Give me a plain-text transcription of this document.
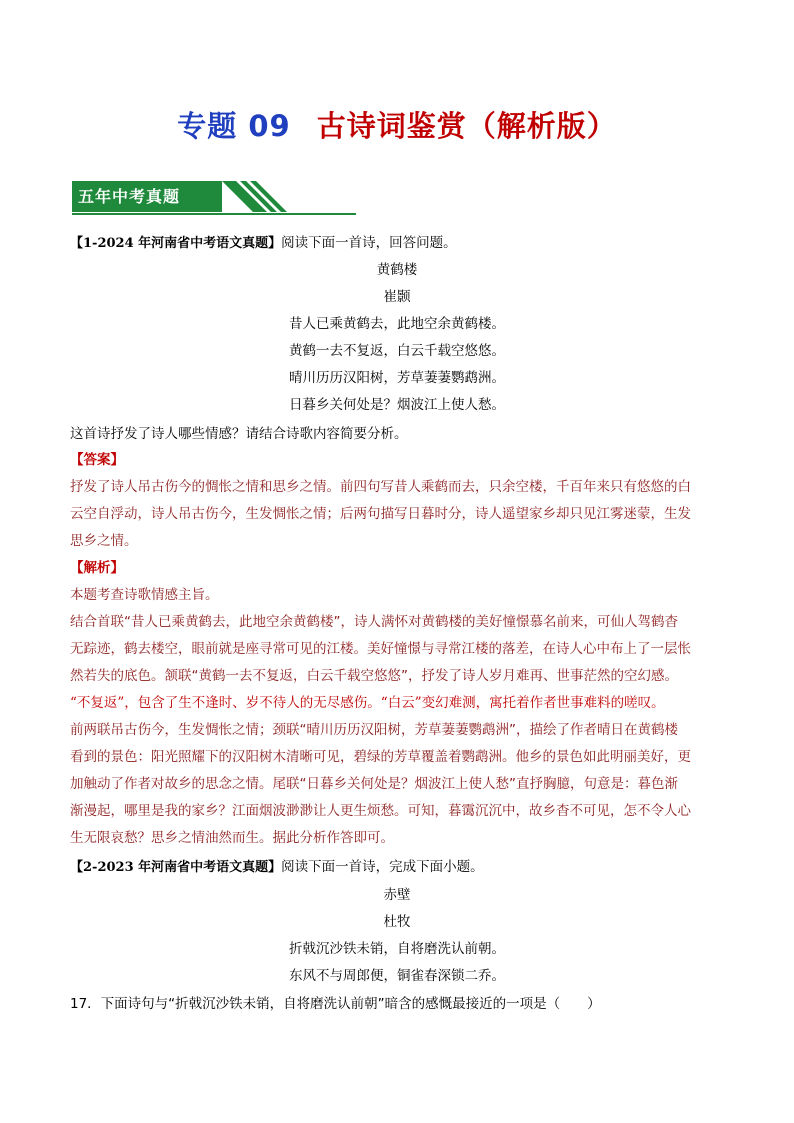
专题 09 古诗词鉴赏（解析版）
五年中考真题
【1-2024 年河南省中考语文真题】阅读下面一首诗，回答问题。
黄鹤楼
崔颢
昔人已乘黄鹤去，此地空余黄鹤楼。
黄鹤一去不复返，白云千载空悠悠。
晴川历历汉阳树，芳草萋萋鹦鹉洲。
日暮乡关何处是？烟波江上使人愁。
这首诗抒发了诗人哪些情感？请结合诗歌内容简要分析。
【答案】
抒发了诗人吊古伤今的惆怅之情和思乡之情。前四句写昔人乘鹤而去，只余空楼，千百年来只有悠悠的白
云空自浮动，诗人吊古伤今，生发惆怅之情；后两句描写日暮时分，诗人遥望家乡却只见江雾迷蒙，生发
思乡之情。
【解析】
本题考查诗歌情感主旨。
结合首联“昔人已乘黄鹤去，此地空余黄鹤楼”，诗人满怀对黄鹤楼的美好憧憬慕名前来，可仙人驾鹤杳
无踪迹，鹤去楼空，眼前就是座寻常可见的江楼。美好憧憬与寻常江楼的落差，在诗人心中布上了一层怅
然若失的底色。颔联“黄鹤一去不复返，白云千载空悠悠”，抒发了诗人岁月难再、世事茫然的空幻感。
“不复返”，包含了生不逢时、岁不待人的无尽感伤。“白云”变幻难测，寓托着作者世事难料的嗟叹。
前两联吊古伤今，生发惆怅之情；颈联“晴川历历汉阳树，芳草萋萋鹦鹉洲”，描绘了作者晴日在黄鹤楼
看到的景色：阳光照耀下的汉阳树木清晰可见，碧绿的芳草覆盖着鹦鹉洲。他乡的景色如此明丽美好，更
加触动了作者对故乡的思念之情。尾联“日暮乡关何处是？烟波江上使人愁”直抒胸臆，句意是：暮色渐
渐漫起，哪里是我的家乡？江面烟波渺渺让人更生烦愁。可知，暮霭沉沉中，故乡杳不可见，怎不令人心
生无限哀愁？思乡之情油然而生。据此分析作答即可。
【2-2023 年河南省中考语文真题】阅读下面一首诗，完成下面小题。
赤壁
杜牧
折戟沉沙铁未销，自将磨洗认前朝。
东风不与周郎便，铜雀春深锁二乔。
17．下面诗句与“折戟沉沙铁未销，自将磨洗认前朝”暗含的感慨最接近的一项是（　　）
